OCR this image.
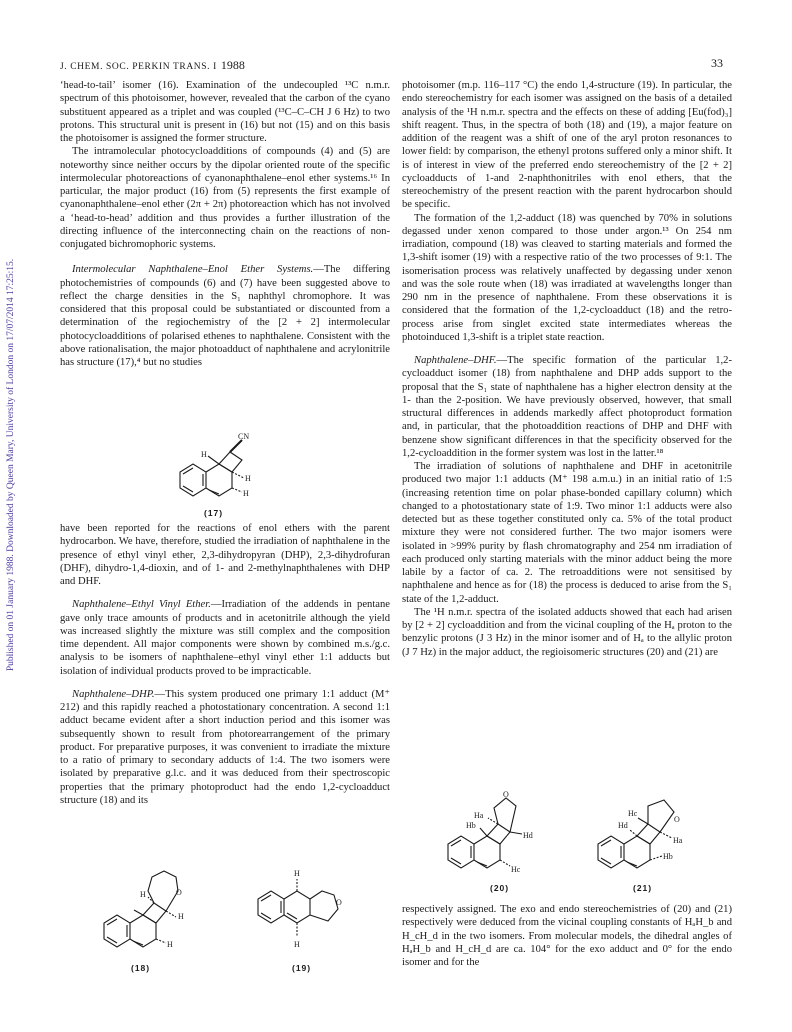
J. CHEM. SOC. PERKIN TRANS. I 1988	33
Published on 01 January 1988. Downloaded by Queen Mary, University of London on 17/07/2014 17:25:15.

‘head-to-tail’ isomer (16). Examination of the undecoupled ¹³C n.m.r. spectrum of this photoisomer, however, revealed that the carbon of the cyano substituent appeared as a triplet and was coupled (¹³C–C–CH J 6 Hz) to two protons. This structural unit is present in (16) but not (15) and on this basis the photoisomer is assigned the former structure.

The intramolecular photocycloadditions of compounds (4) and (5) are noteworthy since neither occurs by the dipolar oriented route of the specific intermolecular photoreactions of cyanonaphthalene–enol ether systems.¹⁶ In particular, the major product (16) from (5) represents the first example of cyanonaphthalene–enol ether (2π + 2π) photoreaction which has not involved a ‘head-to-head’ addition and thus provides a further illustration of the directing influence of the interconnecting chain on the reactions of non-conjugated bichromophoric systems.

Intermolecular Naphthalene–Enol Ether Systems.—The differing photochemistries of compounds (6) and (7) have been suggested above to reflect the charge densities in the S₁ naphthyl chromophore. It was considered that this proposal could be substantiated or discounted from a determination of the regiochemistry of the [2 + 2] intermolecular photocycloadditions of polarised ethenes to naphthalene. Consistent with the above rationalisation, the major photoadduct of naphthalene and acrylonitrile has structure (17),⁴ but no studies

CN
H
H
H
(17)

have been reported for the reactions of enol ethers with the parent hydrocarbon. We have, therefore, studied the irradiation of naphthalene in the presence of ethyl vinyl ether, 2,3-dihydropyran (DHP), 2,3-dihydrofuran (DHF), dihydro-1,4-dioxin, and of 1- and 2-methylnaphthalenes with DHP and DHF.

Naphthalene–Ethyl Vinyl Ether.—Irradiation of the addends in pentane gave only trace amounts of products and in acetonitrile although the yield was increased slightly the mixture was still complex and the composition time dependent. All major components were shown by combined m.s./g.c. analysis to be isomers of naphthalene–ethyl vinyl ether 1:1 adducts but isolation of individual products proved to be impracticable.

Naphthalene–DHP.—This system produced one primary 1:1 adduct (M⁺ 212) and this rapidly reached a photostationary concentration. A second 1:1 adduct became evident after a short induction period and this isomer was subsequently shown to result from photorearrangement of the primary product. For preparative purposes, it was convenient to irradiate the mixture to a ratio of primary to secondary adducts of 1:4. The two isomers were isolated by preparative g.l.c. and it was deduced from their spectroscopic properties that the primary photoproduct had the endo 1,2-cycloadduct structure (18) and its

O
H
H
H
(18)
O
H
H
(19)

photoisomer (m.p. 116–117 °C) the endo 1,4-structure (19). In particular, the endo stereochemistry for each isomer was assigned on the basis of a detailed analysis of the ¹H n.m.r. spectra and the effects on these of adding [Eu(fod)₃] shift reagent. Thus, in the spectra of both (18) and (19), a major feature on addition of the reagent was a shift of one of the aryl proton resonances to lower field: by comparison, the ethenyl protons suffered only a minor shift. It is of interest in view of the preferred endo stereochemistry of the [2 + 2] cycloadducts of 1-and 2-naphthonitriles with enol ethers, that the stereochemistry of the present reaction with the parent hydrocarbon should be specific.

The formation of the 1,2-adduct (18) was quenched by 70% in solutions degassed under xenon compared to those under argon.¹³ On 254 nm irradiation, compound (18) was cleaved to starting materials and formed the 1,3-shift isomer (19) with a respective ratio of the two processes of 9:1. The isomerisation process was relatively unaffected by degassing under xenon and was the sole route when (18) was irradiated at wavelengths longer than 290 nm in the presence of naphthalene. From these observations it is considered that the formation of the 1,2-cycloadduct (18) and the retro-process arise from singlet excited state intermediates whereas the photoinduced 1,3-shift is a triplet state reaction.

Naphthalene–DHF.—The specific formation of the particular 1,2-cycloadduct isomer (18) from naphthalene and DHP adds support to the proposal that the S₁ state of naphthalene has a higher electron density at the 1- than the 2-position. We have previously observed, however, that small structural differences in addends markedly affect photoproduct formation and, in particular, that the photoaddition reactions of DHP and DHF with benzene show significant differences in that the specificity observed for the 1,2-cycloaddition in the former system was lost in the latter.¹⁸

The irradiation of solutions of naphthalene and DHF in acetonitrile produced two major 1:1 adducts (M⁺ 198 a.m.u.) in an initial ratio of 1:5 (increasing retention time on polar phase-bonded capillary column) which changed to a photostationary state of 1:9. Two minor 1:1 adducts were also detected but as these together constituted only ca. 5% of the total product mixture they were not considered further. The two major isomers were isolated in >99% purity by flash chromatography and 254 nm irradiation of each produced only starting materials with the minor adduct being the more labile by a factor of ca. 2. The retroadditions were not sensitised by naphthalene and hence as for (18) the process is deduced to arise from the S₁ state of the 1,2-adduct.

The ¹H n.m.r. spectra of the isolated adducts showed that each had arisen by [2 + 2] cycloaddition and from the vicinal coupling of the Hₐ proton to the benzylic protons (J 3 Hz) in the minor isomer and of Hₐ to the allylic proton (J 7 Hz) in the major adduct, the regioisomeric structures (20) and (21) are

O
Ha
Hb
Hd
Hc
(20)
O
Hc
Hd
Ha
Hb
(21)

respectively assigned. The exo and endo stereochemistries of (20) and (21) respectively were deduced from the vicinal coupling constants of HₐH_b and H_cH_d in the two isomers. From molecular models, the dihedral angles of HₐH_b and H_cH_d are ca. 104° for the exo adduct and 0° for the endo isomer and for the
